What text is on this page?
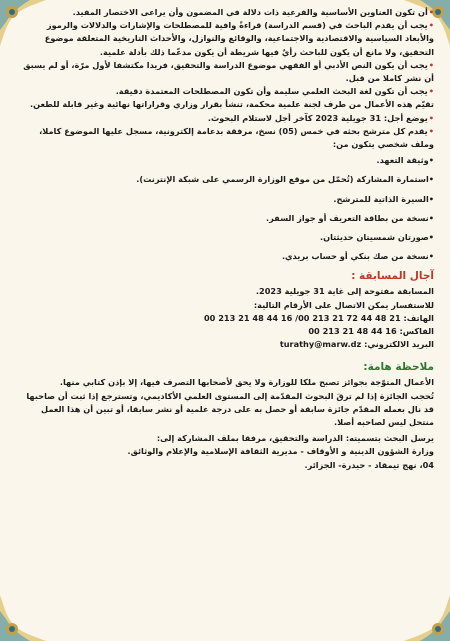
•أن تكون العناوين الأساسية والفرعية ذات دلالة في المضمون وأن يراعى الاختصار المفيد.

•يجب أن يقدم الباحث في (قسم الدراسة) قراءةً وافية للمصطلحات والإشارات والدلالات والرموز والأبعاد السياسية والاقتصادية والاجتماعية، والوقائع والنوازل، والأحداث التاريخية المتعلقة موضوع التحقيق، ولا مانع أن يكون للباحث رأيٌ فيها شريطة أن يكون مدعّما ذلك بأدلة علمية.

•يجب أن يكون النص الأدبي أو الفقهي موضوع الدراسة والتحقيق، فريدا مكتشفا لأول مرّة، أو لم يسبق أن نشر كاملا من قبل.

•يجب أن تكون لغة البحث العلمي سليمة وأن تكون المصطلحات المعتمدة دقيقة.

تقيّم هذه الأعمال من طرف لجنة علمية محكمة، تنشأ بقرار وزاري وقراراتها نهائية وغير قابلة للطعن.

•يوضع أجل: 31 جويلية 2023 كآخر أجل لاستلام البحوث.

•يقدم كل مترشح بحثه في خمس (05) نسخ، مرفقة بدعامة إلكترونية، مسجل عليها الموضوع كاملا، وملف شخصي يتكون من:

•وثيقة التعهد.

•استمارة المشاركة (تُحمّل من موقع الوزارة الرسمي على شبكة الإنترنت).

•السيرة الذاتية للمترشح.

•نسخة من بطاقة التعريف أو جواز السفر.

•صورتان شمسيتان حديثتان.

•نسخة من صك بنكي أو حساب بريدي.

آجال المسابقة :

المسابقة مفتوحة إلى غاية 31 جويلية 2023.

للاستفسار يمكن الاتصال على الأرقام التالية:

الهاتف: 00 213 21 48 44 16 /00 213 21 72 44 48 21

الفاكس: 00 213 21 48 44 16

البريد الالكتروني: turathy@marw.dz

ملاحظة هامة:

الأعمال المتوّجة بجوائز تصبح ملكا للوزارة ولا يحق لأصحابها التصرف فيها، إلا بإذن كتابي منها.

تُحجب الجائزة إذا لم ترقَ البحوث المقدّمة إلى المستوى العلمي الأكاديمي، وتسترجع إذا ثبت أن صاحبها قد نال بعمله المقدّم جائزة سابقة أو حصل به على درجة علمية أو نشر سابقا، أو تبين أن هذا العمل منتحل ليس لصاحبه أصلا.

يرسل البحث بتسميته: الدراسة والتحقيق، مرفقا بملف المشاركة إلى:

وزارة الشؤون الدينية و الأوقاف - مديرية الثقافة الإسلامية والإعلام والوثائق.

04، نهج تيمقاد - حيدرة- الجزائر.
